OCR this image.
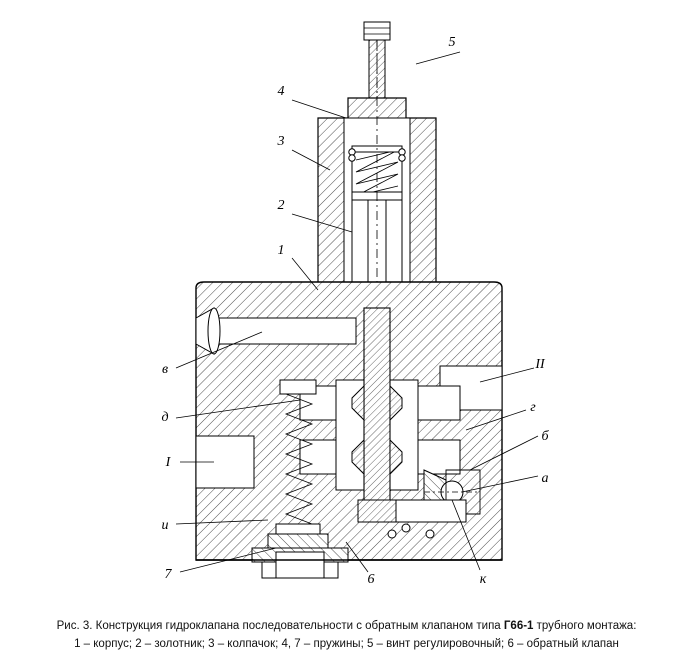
5
4
3
2
1
в
д
I
и
7	6	к
а
б
г
II
Рис. 3. Конструкция гидроклапана последовательности с обратным клапаном типа Г66-1 трубного монтажа:
1 – корпус; 2 – золотник; 3 – колпачок; 4, 7 – пружины; 5 – винт регулировочный; 6 – обратный клапан
